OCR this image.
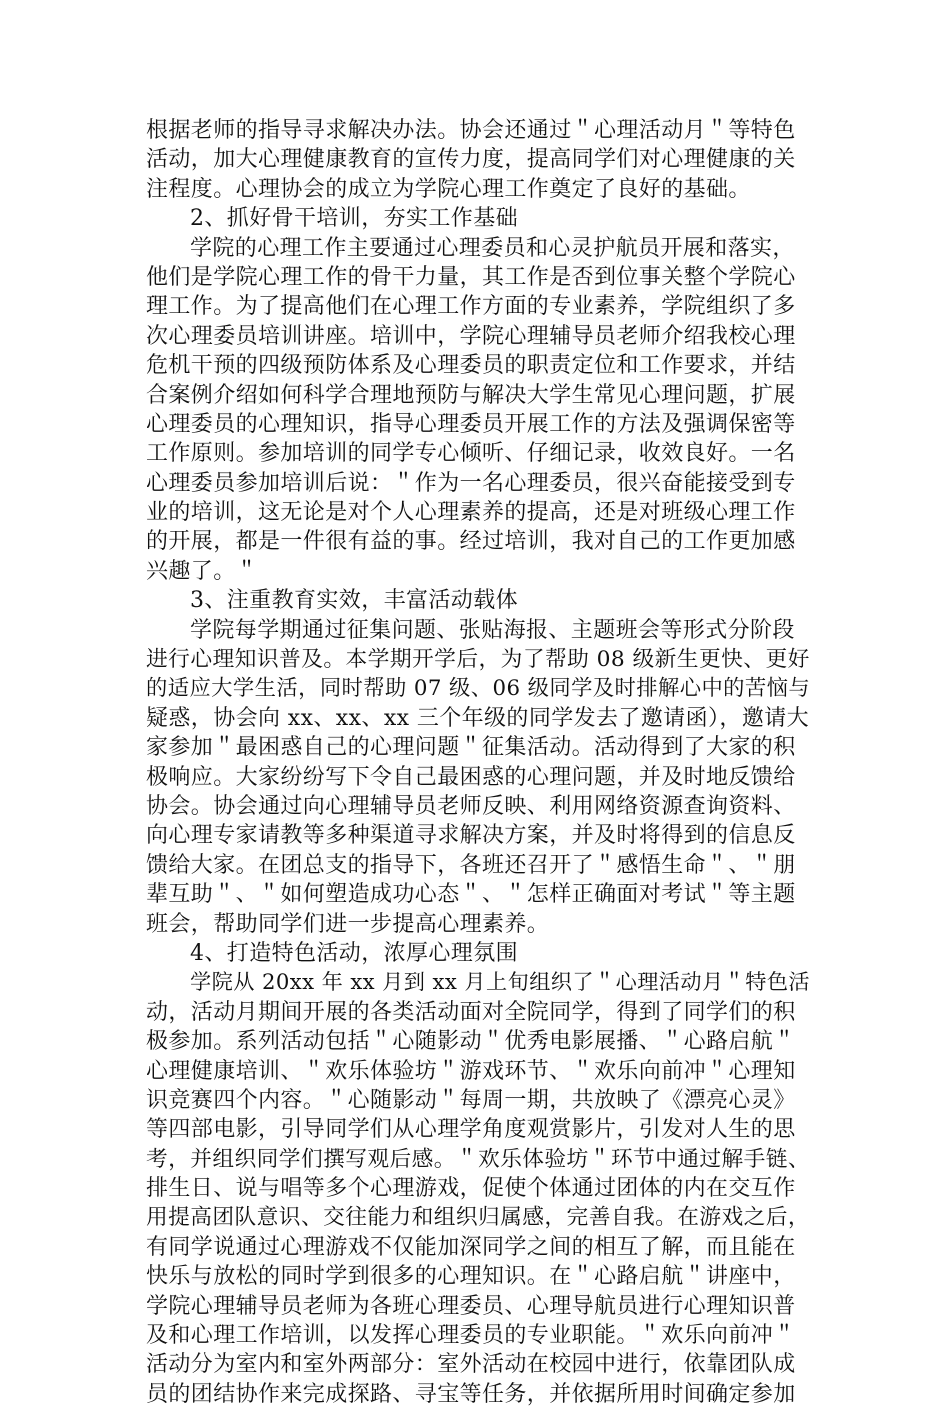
根据老师的指导寻求解决办法。协会还通过＂心理活动月＂等特色
活动，加大心理健康教育的宣传力度，提高同学们对心理健康的关
注程度。心理协会的成立为学院心理工作奠定了良好的基础。
2、抓好骨干培训，夯实工作基础
学院的心理工作主要通过心理委员和心灵护航员开展和落实，
他们是学院心理工作的骨干力量，其工作是否到位事关整个学院心
理工作。为了提高他们在心理工作方面的专业素养，学院组织了多
次心理委员培训讲座。培训中，学院心理辅导员老师介绍我校心理
危机干预的四级预防体系及心理委员的职责定位和工作要求，并结
合案例介绍如何科学合理地预防与解决大学生常见心理问题，扩展
心理委员的心理知识，指导心理委员开展工作的方法及强调保密等
工作原则。参加培训的同学专心倾听、仔细记录，收效良好。一名
心理委员参加培训后说：＂作为一名心理委员，很兴奋能接受到专
业的培训，这无论是对个人心理素养的提高，还是对班级心理工作
的开展，都是一件很有益的事。经过培训，我对自己的工作更加感
兴趣了。＂
3、注重教育实效，丰富活动载体
学院每学期通过征集问题、张贴海报、主题班会等形式分阶段
进行心理知识普及。本学期开学后，为了帮助 08 级新生更快、更好
的适应大学生活，同时帮助 07 级、06 级同学及时排解心中的苦恼与
疑惑，协会向 xx、xx、xx 三个年级的同学发去了邀请函），邀请大
家参加＂最困惑自己的心理问题＂征集活动。活动得到了大家的积
极响应。大家纷纷写下令自己最困惑的心理问题，并及时地反馈给
协会。协会通过向心理辅导员老师反映、利用网络资源查询资料、
向心理专家请教等多种渠道寻求解决方案，并及时将得到的信息反
馈给大家。在团总支的指导下，各班还召开了＂感悟生命＂、＂朋
辈互助＂、＂如何塑造成功心态＂、＂怎样正确面对考试＂等主题
班会，帮助同学们进一步提高心理素养。
4、打造特色活动，浓厚心理氛围
学院从 20xx 年 xx 月到 xx 月上旬组织了＂心理活动月＂特色活
动，活动月期间开展的各类活动面对全院同学，得到了同学们的积
极参加。系列活动包括＂心随影动＂优秀电影展播、＂心路启航＂
心理健康培训、＂欢乐体验坊＂游戏环节、＂欢乐向前冲＂心理知
识竞赛四个内容。＂心随影动＂每周一期，共放映了《漂亮心灵》
等四部电影，引导同学们从心理学角度观赏影片，引发对人生的思
考，并组织同学们撰写观后感。＂欢乐体验坊＂环节中通过解手链、
排生日、说与唱等多个心理游戏，促使个体通过团体的内在交互作
用提高团队意识、交往能力和组织归属感，完善自我。在游戏之后，
有同学说通过心理游戏不仅能加深同学之间的相互了解，而且能在
快乐与放松的同时学到很多的心理知识。在＂心路启航＂讲座中，
学院心理辅导员老师为各班心理委员、心理导航员进行心理知识普
及和心理工作培训，以发挥心理委员的专业职能。＂欢乐向前冲＂
活动分为室内和室外两部分：室外活动在校园中进行，依靠团队成
员的团结协作来完成探路、寻宝等任务，并依据所用时间确定参加
